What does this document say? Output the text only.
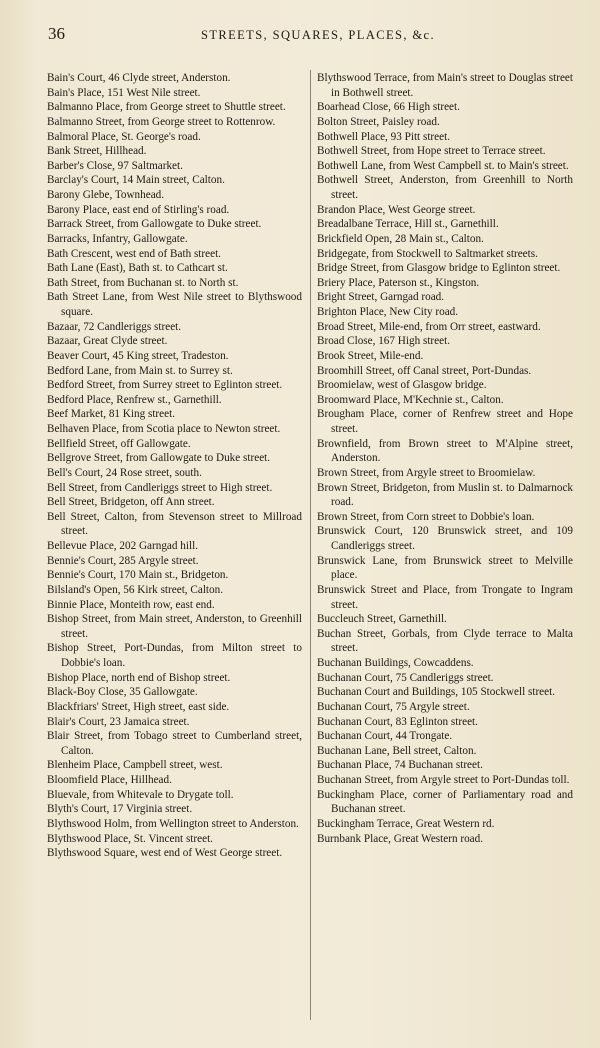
36	STREETS, SQUARES, PLACES, &c.

Bain's Court, 46 Clyde street, Anderston.

Bain's Place, 151 West Nile street.

Balmanno Place, from George street to Shuttle street.

Balmanno Street, from George street to Rottenrow.

Balmoral Place, St. George's road.

Bank Street, Hillhead.

Barber's Close, 97 Saltmarket.

Barclay's Court, 14 Main street, Calton.

Barony Glebe, Townhead.

Barony Place, east end of Stirling's road.

Barrack Street, from Gallowgate to Duke street.

Barracks, Infantry, Gallowgate.

Bath Crescent, west end of Bath street.

Bath Lane (East), Bath st. to Cathcart st.

Bath Street, from Buchanan st. to North st.

Bath Street Lane, from West Nile street to Blythswood square.

Bazaar, 72 Candleriggs street.

Bazaar, Great Clyde street.

Beaver Court, 45 King street, Tradeston.

Bedford Lane, from Main st. to Surrey st.

Bedford Street, from Surrey street to Eglinton street.

Bedford Place, Renfrew st., Garnethill.

Beef Market, 81 King street.

Belhaven Place, from Scotia place to Newton street.

Bellfield Street, off Gallowgate.

Bellgrove Street, from Gallowgate to Duke street.

Bell's Court, 24 Rose street, south.

Bell Street, from Candleriggs street to High street.

Bell Street, Bridgeton, off Ann street.

Bell Street, Calton, from Stevenson street to Millroad street.

Bellevue Place, 202 Garngad hill.

Bennie's Court, 285 Argyle street.

Bennie's Court, 170 Main st., Bridgeton.

Bilsland's Open, 56 Kirk street, Calton.

Binnie Place, Monteith row, east end.

Bishop Street, from Main street, Anderston, to Greenhill street.

Bishop Street, Port-Dundas, from Milton street to Dobbie's loan.

Bishop Place, north end of Bishop street.

Black-Boy Close, 35 Gallowgate.

Blackfriars' Street, High street, east side.

Blair's Court, 23 Jamaica street.

Blair Street, from Tobago street to Cumberland street, Calton.

Blenheim Place, Campbell street, west.

Bloomfield Place, Hillhead.

Bluevale, from Whitevale to Drygate toll.

Blyth's Court, 17 Virginia street.

Blythswood Holm, from Wellington street to Anderston.

Blythswood Place, St. Vincent street.

Blythswood Square, west end of West George street.

Blythswood Terrace, from Main's street to Douglas street in Bothwell street.

Boarhead Close, 66 High street.

Bolton Street, Paisley road.

Bothwell Place, 93 Pitt street.

Bothwell Street, from Hope street to Terrace street.

Bothwell Lane, from West Campbell st. to Main's street.

Bothwell Street, Anderston, from Greenhill to North street.

Brandon Place, West George street.

Breadalbane Terrace, Hill st., Garnethill.

Brickfield Open, 28 Main st., Calton.

Bridgegate, from Stockwell to Saltmarket streets.

Bridge Street, from Glasgow bridge to Eglinton street.

Briery Place, Paterson st., Kingston.

Bright Street, Garngad road.

Brighton Place, New City road.

Broad Street, Mile-end, from Orr street, eastward.

Broad Close, 167 High street.

Brook Street, Mile-end.

Broomhill Street, off Canal street, Port-Dundas.

Broomielaw, west of Glasgow bridge.

Broomward Place, M'Kechnie st., Calton.

Brougham Place, corner of Renfrew street and Hope street.

Brownfield, from Brown street to M'Alpine street, Anderston.

Brown Street, from Argyle street to Broomielaw.

Brown Street, Bridgeton, from Muslin st. to Dalmarnock road.

Brown Street, from Corn street to Dobbie's loan.

Brunswick Court, 120 Brunswick street, and 109 Candleriggs street.

Brunswick Lane, from Brunswick street to Melville place.

Brunswick Street and Place, from Trongate to Ingram street.

Buccleuch Street, Garnethill.

Buchan Street, Gorbals, from Clyde terrace to Malta street.

Buchanan Buildings, Cowcaddens.

Buchanan Court, 75 Candleriggs street.

Buchanan Court and Buildings, 105 Stockwell street.

Buchanan Court, 75 Argyle street.

Buchanan Court, 83 Eglinton street.

Buchanan Court, 44 Trongate.

Buchanan Lane, Bell street, Calton.

Buchanan Place, 74 Buchanan street.

Buchanan Street, from Argyle street to Port-Dundas toll.

Buckingham Place, corner of Parliamentary road and Buchanan street.

Buckingham Terrace, Great Western rd.

Burnbank Place, Great Western road.
